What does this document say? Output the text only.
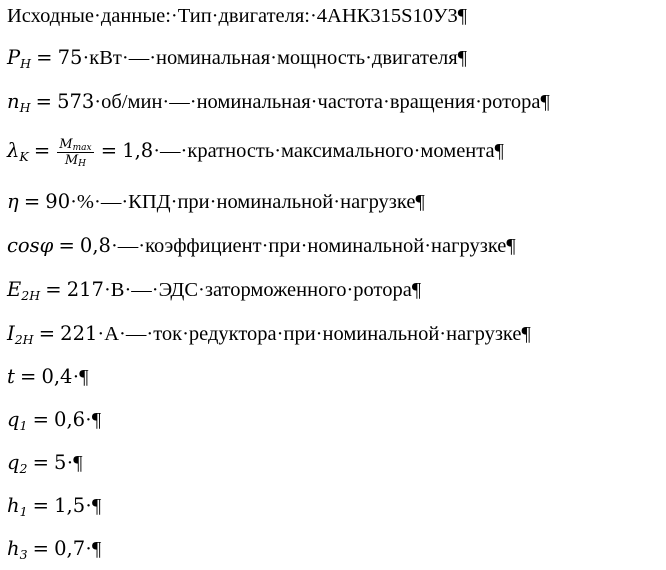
Исходные·данные:·Тип·двигателя:·4АНК315S10У3¶
$P_H$ = 75·кВт·—·номинальная·мощность·двигателя¶
$n_H$ = 573·об/мин·—·номинальная·частота·вращения·ротора¶
$\lambda_K = \frac{M_{max}}{M_H}$ = 1,8·—·кратность·максимального·момента¶
η = 90·%·—·КПД·при·номинальной·нагрузке¶
cosφ = 0,8·—·коэффициент·при·номинальной·нагрузке¶
$E_{2H}$ = 217·В·—·ЭДС·заторможенного·ротора¶
$I_{2H}$ = 221·А·—·ток·редуктора·при·номинальной·нагрузке¶
t = 0,4·¶
$q_1$ = 0,6·¶
$q_2$ = 5·¶
$h_1$ = 1,5·¶
$h_3$ = 0,7·¶
